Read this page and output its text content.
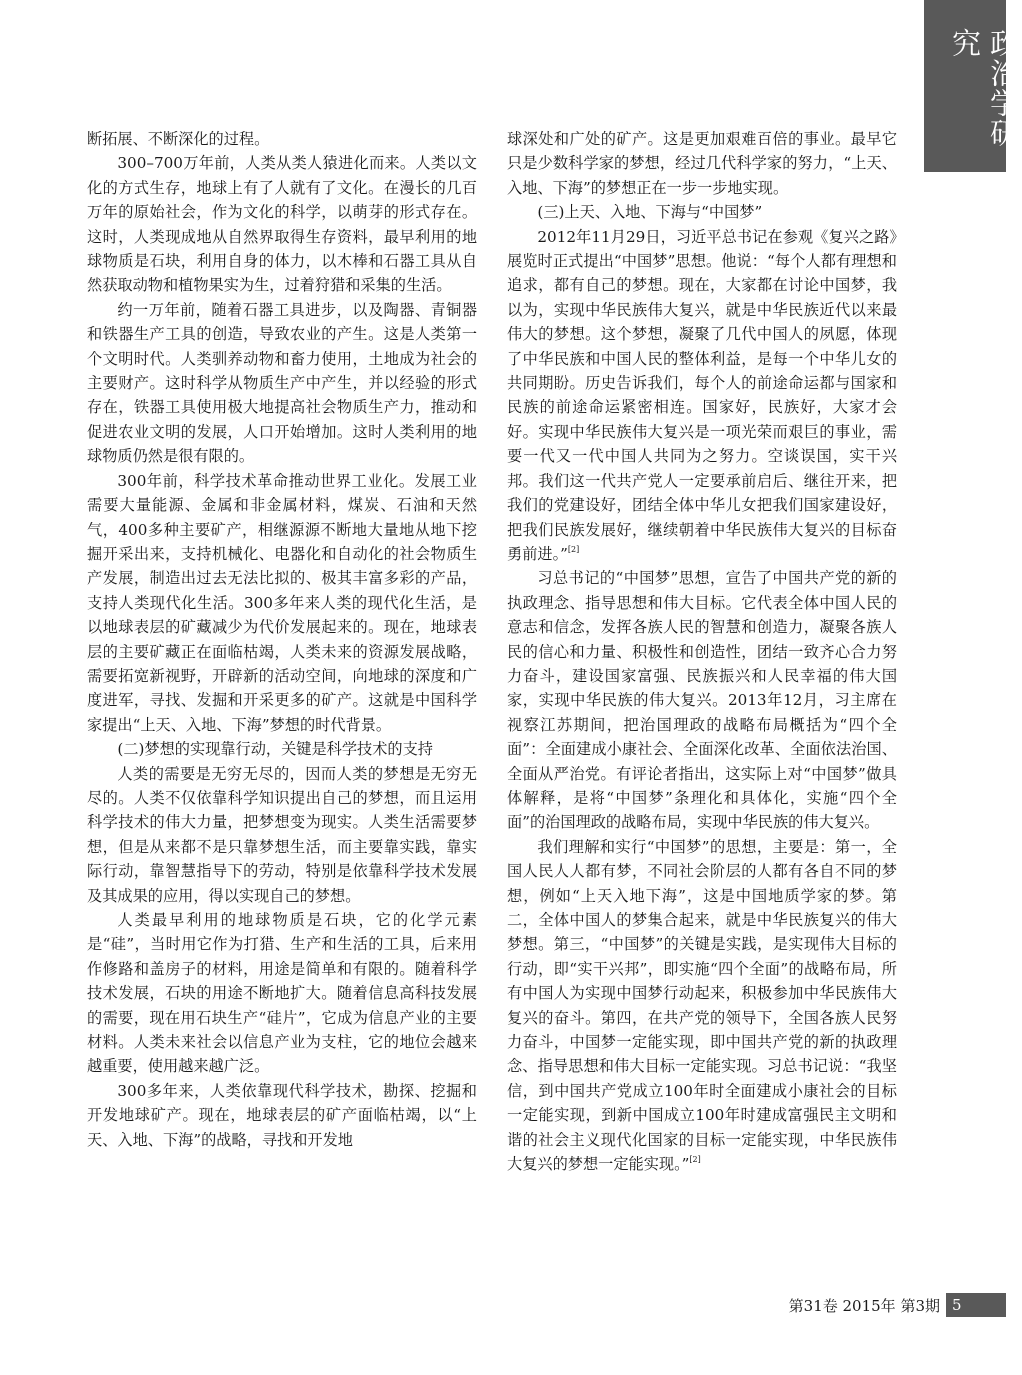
政治学研究

断拓展、不断深化的过程。

300–700万年前，人类从类人猿进化而来。人类以文化的方式生存，地球上有了人就有了文化。在漫长的几百万年的原始社会，作为文化的科学，以萌芽的形式存在。这时，人类现成地从自然界取得生存资料，最早利用的地球物质是石块，利用自身的体力，以木棒和石器工具从自然获取动物和植物果实为生，过着狩猎和采集的生活。

约一万年前，随着石器工具进步，以及陶器、青铜器和铁器生产工具的创造，导致农业的产生。这是人类第一个文明时代。人类驯养动物和畜力使用，土地成为社会的主要财产。这时科学从物质生产中产生，并以经验的形式存在，铁器工具使用极大地提高社会物质生产力，推动和促进农业文明的发展，人口开始增加。这时人类利用的地球物质仍然是很有限的。

300年前，科学技术革命推动世界工业化。发展工业需要大量能源、金属和非金属材料，煤炭、石油和天然气，400多种主要矿产，相继源源不断地大量地从地下挖掘开采出来，支持机械化、电器化和自动化的社会物质生产发展，制造出过去无法比拟的、极其丰富多彩的产品，支持人类现代化生活。300多年来人类的现代化生活，是以地球表层的矿藏减少为代价发展起来的。现在，地球表层的主要矿藏正在面临枯竭，人类未来的资源发展战略，需要拓宽新视野，开辟新的活动空间，向地球的深度和广度进军，寻找、发掘和开采更多的矿产。这就是中国科学家提出“上天、入地、下海”梦想的时代背景。

(二)梦想的实现靠行动，关键是科学技术的支持

人类的需要是无穷无尽的，因而人类的梦想是无穷无尽的。人类不仅依靠科学知识提出自己的梦想，而且运用科学技术的伟大力量，把梦想变为现实。人类生活需要梦想，但是从来都不是只靠梦想生活，而主要靠实践，靠实际行动，靠智慧指导下的劳动，特别是依靠科学技术发展及其成果的应用，得以实现自己的梦想。

人类最早利用的地球物质是石块，它的化学元素是“硅”，当时用它作为打猎、生产和生活的工具，后来用作修路和盖房子的材料，用途是简单和有限的。随着科学技术发展，石块的用途不断地扩大。随着信息高科技发展的需要，现在用石块生产“硅片”，它成为信息产业的主要材料。人类未来社会以信息产业为支柱，它的地位会越来越重要，使用越来越广泛。

300多年来，人类依靠现代科学技术，勘探、挖掘和开发地球矿产。现在，地球表层的矿产面临枯竭，以“上天、入地、下海”的战略，寻找和开发地

球深处和广处的矿产。这是更加艰难百倍的事业。最早它只是少数科学家的梦想，经过几代科学家的努力，“上天、入地、下海”的梦想正在一步一步地实现。

(三)上天、入地、下海与“中国梦”

2012年11月29日，习近平总书记在参观《复兴之路》展览时正式提出“中国梦”思想。他说：“每个人都有理想和追求，都有自己的梦想。现在，大家都在讨论中国梦，我以为，实现中华民族伟大复兴，就是中华民族近代以来最伟大的梦想。这个梦想，凝聚了几代中国人的夙愿，体现了中华民族和中国人民的整体利益，是每一个中华儿女的共同期盼。历史告诉我们，每个人的前途命运都与国家和民族的前途命运紧密相连。国家好，民族好，大家才会好。实现中华民族伟大复兴是一项光荣而艰巨的事业，需要一代又一代中国人共同为之努力。空谈误国，实干兴邦。我们这一代共产党人一定要承前启后、继往开来，把我们的党建设好，团结全体中华儿女把我们国家建设好，把我们民族发展好，继续朝着中华民族伟大复兴的目标奋勇前进。”[2]

习总书记的“中国梦”思想，宣告了中国共产党的新的执政理念、指导思想和伟大目标。它代表全体中国人民的意志和信念，发挥各族人民的智慧和创造力，凝聚各族人民的信心和力量、积极性和创造性，团结一致齐心合力努力奋斗，建设国家富强、民族振兴和人民幸福的伟大国家，实现中华民族的伟大复兴。2013年12月，习主席在视察江苏期间，把治国理政的战略布局概括为“四个全面”：全面建成小康社会、全面深化改革、全面依法治国、全面从严治党。有评论者指出，这实际上对“中国梦”做具体解释，是将“中国梦”条理化和具体化，实施“四个全面”的治国理政的战略布局，实现中华民族的伟大复兴。

我们理解和实行“中国梦”的思想，主要是：第一，全国人民人人都有梦，不同社会阶层的人都有各自不同的梦想，例如“上天入地下海”，这是中国地质学家的梦。第二，全体中国人的梦集合起来，就是中华民族复兴的伟大梦想。第三，“中国梦”的关键是实践，是实现伟大目标的行动，即“实干兴邦”，即实施“四个全面”的战略布局，所有中国人为实现中国梦行动起来，积极参加中华民族伟大复兴的奋斗。第四，在共产党的领导下，全国各族人民努力奋斗，中国梦一定能实现，即中国共产党的新的执政理念、指导思想和伟大目标一定能实现。习总书记说：“我坚信，到中国共产党成立100年时全面建成小康社会的目标一定能实现，到新中国成立100年时建成富强民主文明和谐的社会主义现代化国家的目标一定能实现，中华民族伟大复兴的梦想一定能实现。”[2]

第31卷 2015年 第3期 5
